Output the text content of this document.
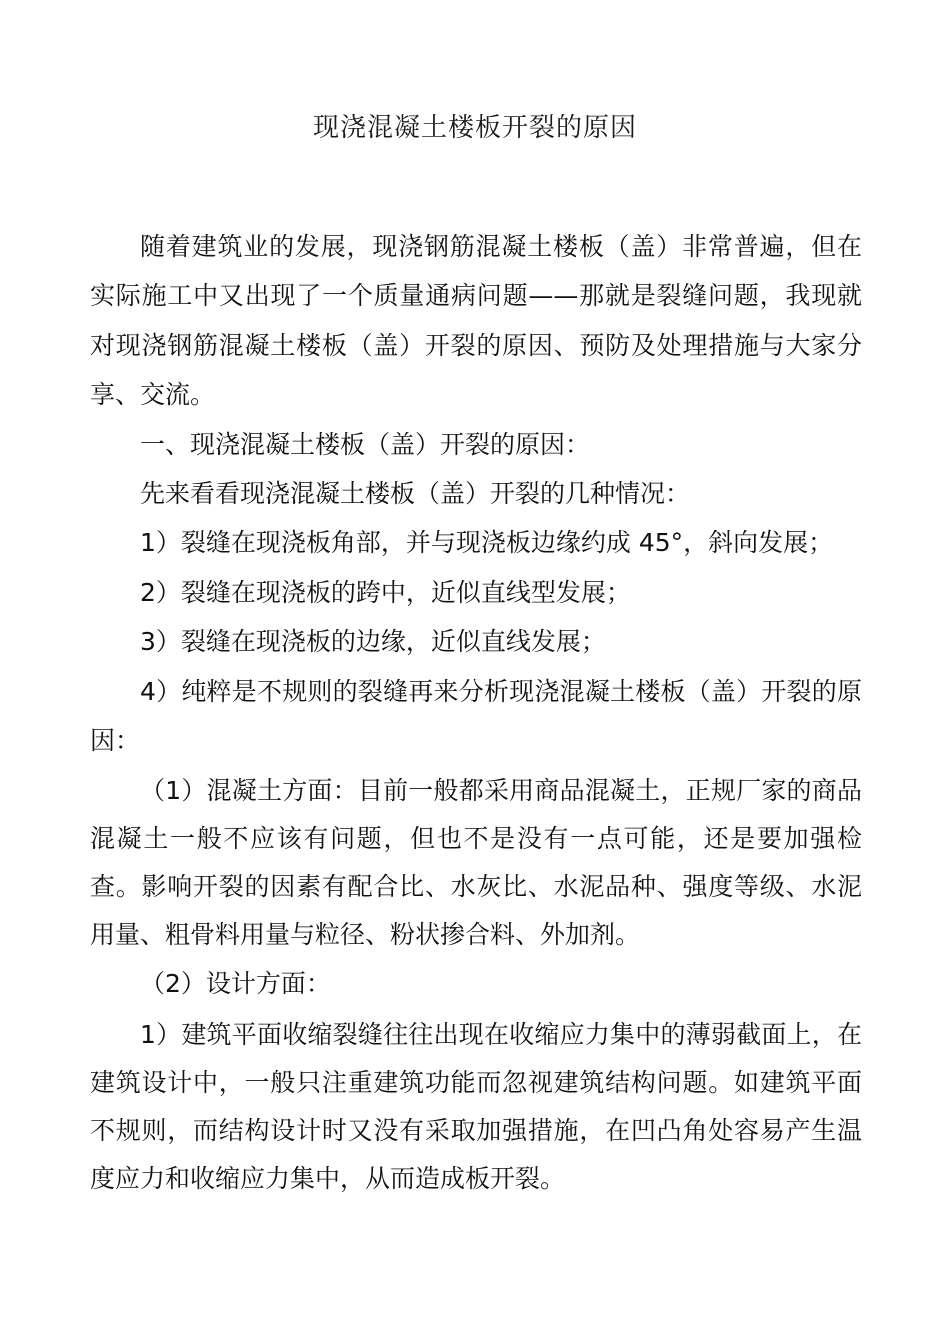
现浇混凝土楼板开裂的原因

随着建筑业的发展，现浇钢筋混凝土楼板（盖）非常普遍，但在实际施工中又出现了一个质量通病问题——那就是裂缝问题，我现就对现浇钢筋混凝土楼板（盖）开裂的原因、预防及处理措施与大家分享、交流。

一、现浇混凝土楼板（盖）开裂的原因：

先来看看现浇混凝土楼板（盖）开裂的几种情况：

1）裂缝在现浇板角部，并与现浇板边缘约成 45°，斜向发展；

2）裂缝在现浇板的跨中，近似直线型发展；

3）裂缝在现浇板的边缘，近似直线发展；

4）纯粹是不规则的裂缝再来分析现浇混凝土楼板（盖）开裂的原因：

（1）混凝土方面：目前一般都采用商品混凝土，正规厂家的商品混凝土一般不应该有问题，但也不是没有一点可能，还是要加强检查。影响开裂的因素有配合比、水灰比、水泥品种、强度等级、水泥用量、粗骨料用量与粒径、粉状掺合料、外加剂。

（2）设计方面：

1）建筑平面收缩裂缝往往出现在收缩应力集中的薄弱截面上，在建筑设计中，一般只注重建筑功能而忽视建筑结构问题。如建筑平面不规则，而结构设计时又没有采取加强措施，在凹凸角处容易产生温度应力和收缩应力集中，从而造成板开裂。
